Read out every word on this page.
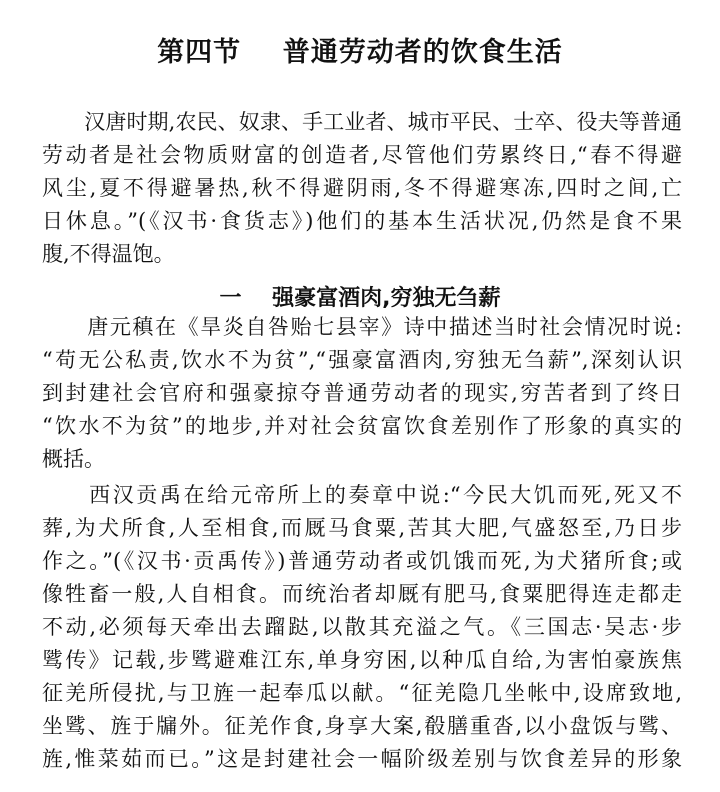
第四节    普通劳动者的饮食生活
　　汉唐时期,农民、奴隶、手工业者、城市平民、士卒、役夫等普通
劳动者是社会物质财富的创造者,尽管他们劳累终日,“春不得避
风尘,夏不得避暑热,秋不得避阴雨,冬不得避寒冻,四时之间,亡
日休息。”(《汉书·食货志》)他们的基本生活状况,仍然是食不果
腹,不得温饱。
一    强豪富酒肉,穷独无刍薪
　　唐元稹在《旱炎自咎贻七县宰》诗中描述当时社会情况时说:
“苟无公私责,饮水不为贫”,“强豪富酒肉,穷独无刍薪”,深刻认识
到封建社会官府和强豪掠夺普通劳动者的现实,穷苦者到了终日
“饮水不为贫”的地步,并对社会贫富饮食差别作了形象的真实的
概括。
　　西汉贡禹在给元帝所上的奏章中说:“今民大饥而死,死又不
葬,为犬所食,人至相食,而厩马食粟,苦其大肥,气盛怒至,乃日步
作之。”(《汉书·贡禹传》)普通劳动者或饥饿而死,为犬猪所食;或
像牲畜一般,人自相食。而统治者却厩有肥马,食粟肥得连走都走
不动,必须每天牵出去蹓跶,以散其充溢之气。《三国志·吴志·步
骘传》记载,步骘避难江东,单身穷困,以种瓜自给,为害怕豪族焦
征羌所侵扰,与卫旌一起奉瓜以献。“征羌隐几坐帐中,设席致地,
坐骘、旌于牖外。征羌作食,身享大案,殽膳重沓,以小盘饭与骘、
旌,惟菜茹而已。”这是封建社会一幅阶级差别与饮食差异的形象
